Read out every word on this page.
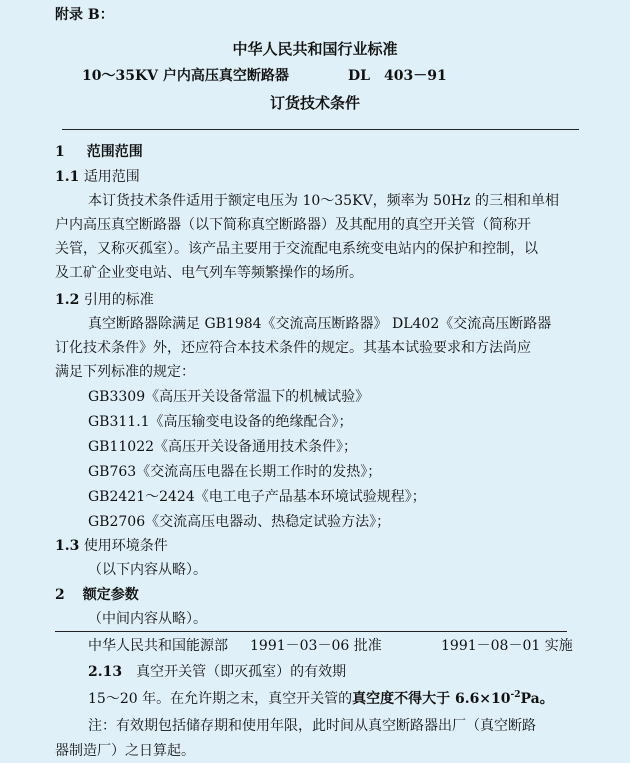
附录 B：
中华人民共和国行业标准
10～35KV 户内高压真空断路器	DL　403－91
订货技术条件
1 范围范围
1.1 适用范围
本订货技术条件适用于额定电压为 10～35KV，频率为 50Hz 的三相和单相
户内高压真空断路器（以下简称真空断路器）及其配用的真空开关管（简称开
关管，又称灭孤室）。该产品主要用于交流配电系统变电站内的保护和控制，以
及工矿企业变电站、电气列车等频繁操作的场所。
1.2 引用的标准
真空断路器除满足 GB1984《交流高压断路器》 DL402《交流高压断路器
订化技术条件》外，还应符合本技术条件的规定。其基本试验要求和方法尚应
满足下列标准的规定：
GB3309《高压开关设备常温下的机械试验》
GB311.1《高压输变电设备的绝缘配合》；
GB11022《高压开关设备通用技术条件》；
GB763《交流高压电器在长期工作时的发热》；
GB2421～2424《电工电子产品基本环境试验规程》；
GB2706《交流高压电器动、热稳定试验方法》；
1.3 使用环境条件
（以下内容从略）。
2 额定参数
（中间内容从略）。
中华人民共和国能源部 1991－03－06 批准	1991－08－01 实施
2.13　 真空开关管（即灭孤室）的有效期
15～20 年。在允许期之末，真空开关管的真空度不得大于 $6.6\times 10^{-2}Pa$。
注：有效期包括储存期和使用年限，此时间从真空断路器出厂（真空断路
器制造厂）之日算起。
